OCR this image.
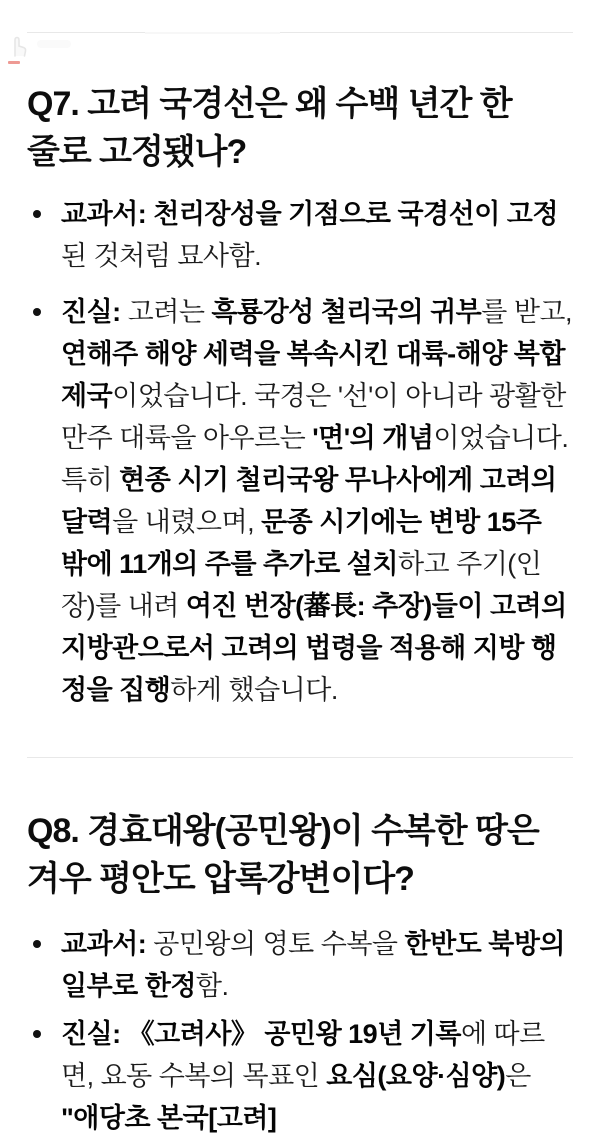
Q7. 고려 국경선은 왜 수백 년간 한 줄로 고정됐나?
교과서: 천리장성을 기점으로 국경선이 고정된 것처럼 묘사함.
진실: 고려는 흑룡강성 철리국의 귀부를 받고, 연해주 해양 세력을 복속시킨 대륙-해양 복합 제국이었습니다. 국경은 '선'이 아니라 광활한 만주 대륙을 아우르는 '면'의 개념이었습니다. 특히 현종 시기 철리국왕 무나사에게 고려의 달력을 내렸으며, 문종 시기에는 변방 15주 밖에 11개의 주를 추가로 설치하고 주기(인장)를 내려 여진 번장(蕃長: 추장)들이 고려의 지방관으로서 고려의 법령을 적용해 지방 행정을 집행하게 했습니다.
Q8. 경효대왕(공민왕)이 수복한 땅은 겨우 평안도 압록강변이다?
교과서: 공민왕의 영토 수복을 한반도 북방의 일부로 한정함.
진실: 《고려사》 공민왕 19년 기록에 따르면, 요동 수복의 목표인 요심(요양·심양)은 "애당초 본국[고려]
